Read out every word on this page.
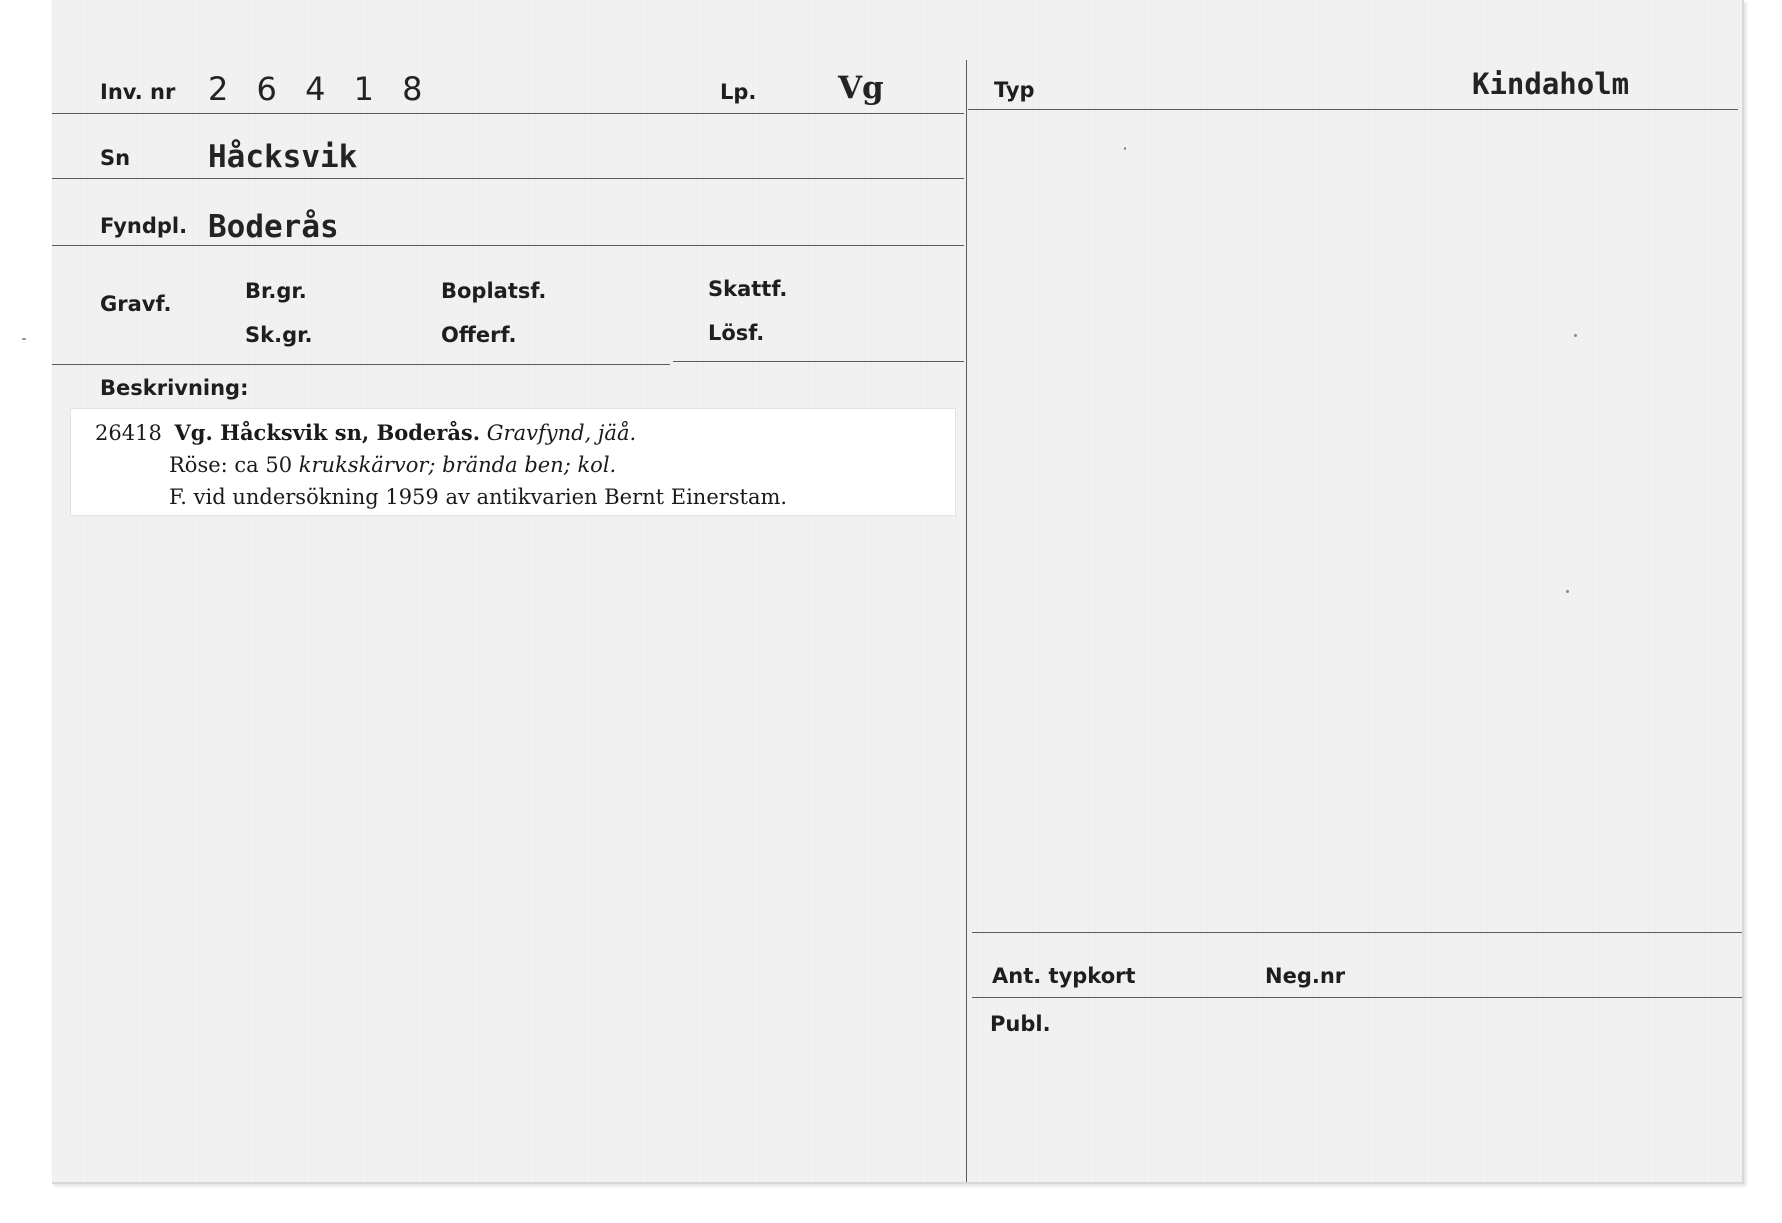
Inv. nr 2 6 4 1 8	Lp.	Vg	Typ	Kindaholm
Sn	Håcksvik
Fyndpl. Boderås
Gravf.
Br.gr.
Sk.gr.
Boplatsf.
Offerf.
Skattf.
Lösf.
Beskrivning:
26418 Vg. Håcksvik sn, Boderås. Gravfynd, jäå.
Röse: ca 50 krukskärvor; brända ben; kol.
F. vid undersökning 1959 av antikvarien Bernt Einerstam.
Ant. typkort	Neg.nr
Publ.
